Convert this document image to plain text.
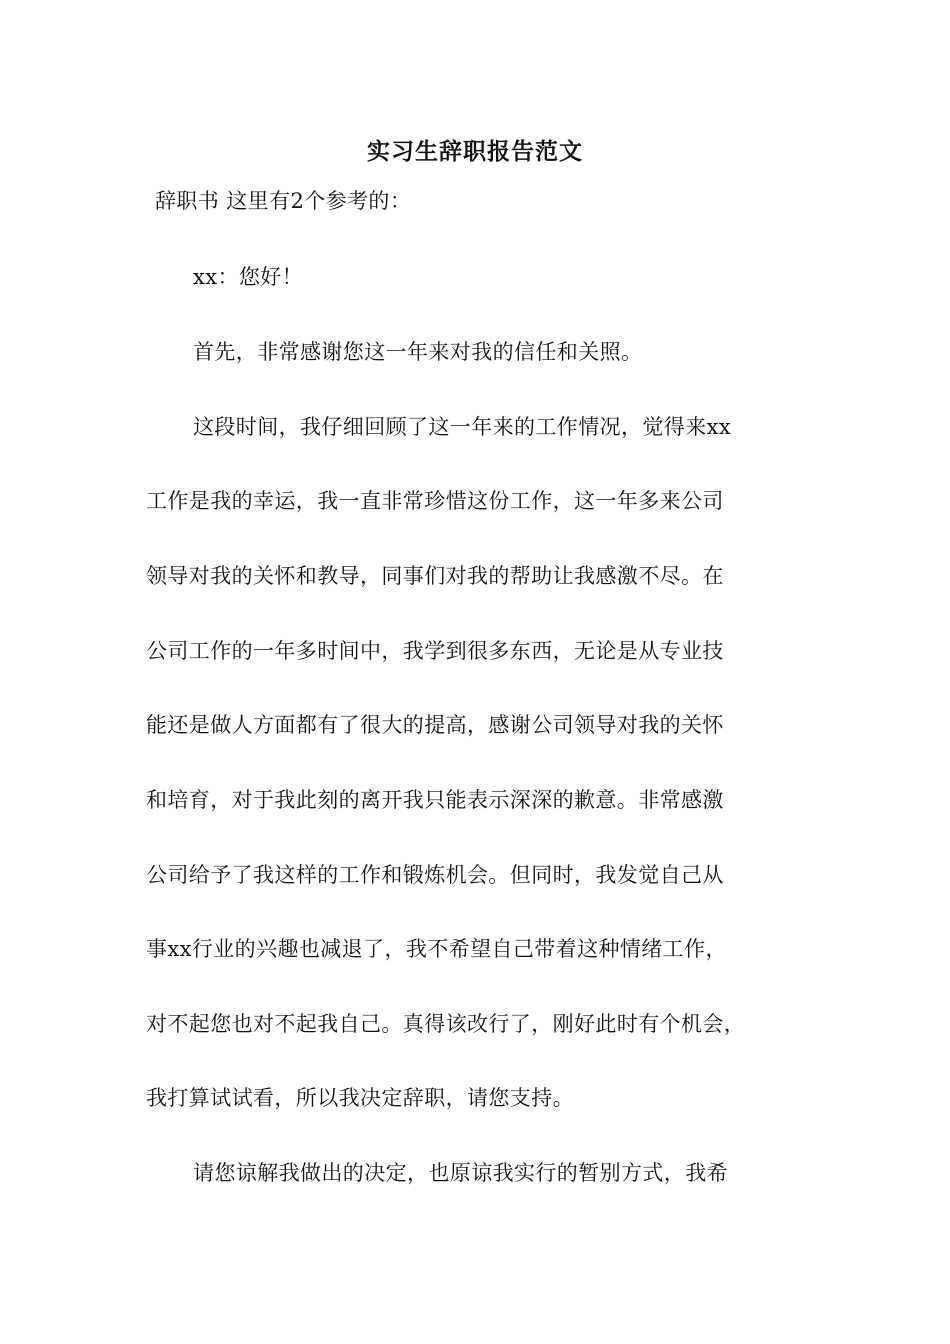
实习生辞职报告范文
辞职书 这里有2个参考的：
xx：您好！
首先，非常感谢您这一年来对我的信任和关照。
这段时间，我仔细回顾了这一年来的工作情况，觉得来xx
工作是我的幸运，我一直非常珍惜这份工作，这一年多来公司
领导对我的关怀和教导，同事们对我的帮助让我感激不尽。在
公司工作的一年多时间中，我学到很多东西，无论是从专业技
能还是做人方面都有了很大的提高，感谢公司领导对我的关怀
和培育，对于我此刻的离开我只能表示深深的歉意。非常感激
公司给予了我这样的工作和锻炼机会。但同时，我发觉自己从
事xx行业的兴趣也减退了，我不希望自己带着这种情绪工作，
对不起您也对不起我自己。真得该改行了，刚好此时有个机会，
我打算试试看，所以我决定辞职，请您支持。
请您谅解我做出的决定，也原谅我实行的暂别方式，我希
